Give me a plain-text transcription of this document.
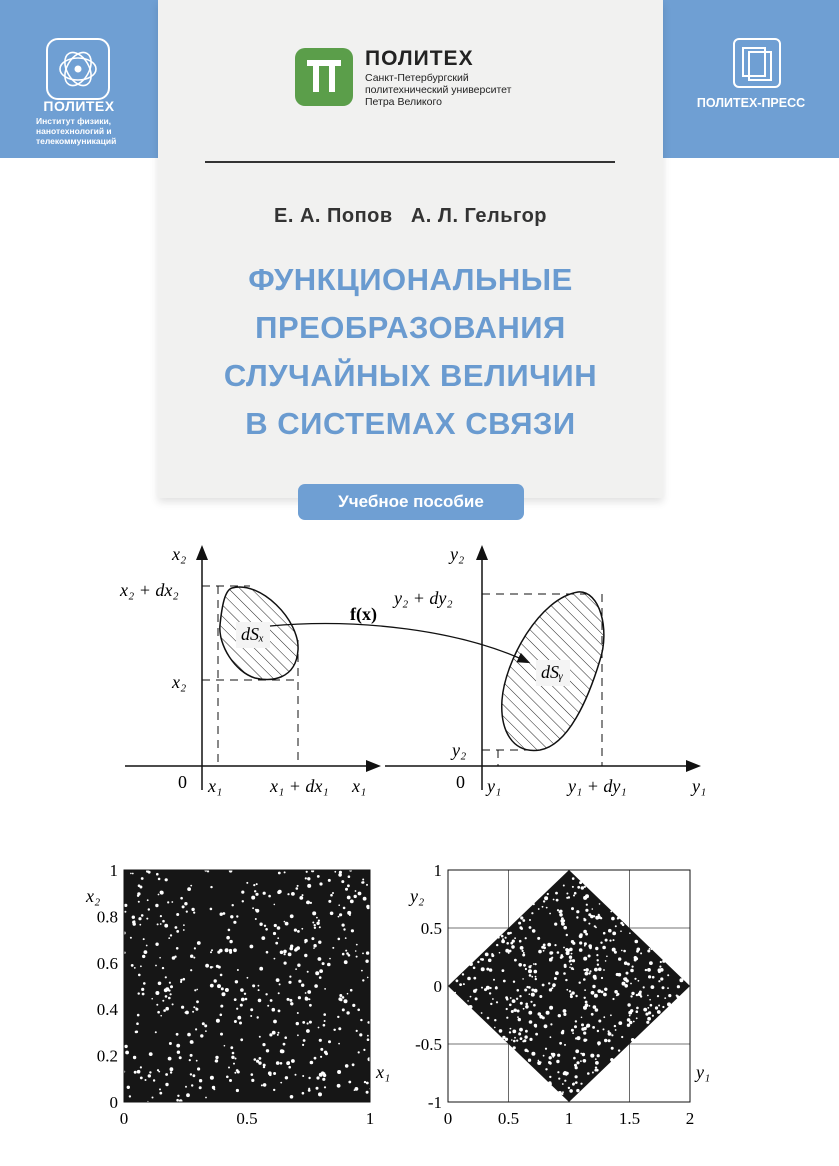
ПОЛИТЕХ
Институт физики, нанотехнологий и телекоммуникаций
ПОЛИТЕХ-ПРЕСС
ПОЛИТЕХ
Санкт-Петербургский
политехнический университет
Петра Великого
Е. А. Попов   А. Л. Гельгор
ФУНКЦИОНАЛЬНЫЕ
ПРЕОБРАЗОВАНИЯ
СЛУЧАЙНЫХ ВЕЛИЧИН
В СИСТЕМАХ СВЯЗИ
Учебное пособие
x₂
x₁
0 x₁	x₁ + dx₁
x₂
x₂ + dx₂
dSₓ
f(x)
y₂
y₁
0 y₁	y₁ + dy₁
y₂
y₂ + dy₂
dSᵧ
0	0.5	1
0
0.2
0.4
0.6
0.8
1
x₁
x₂
0	0.5	1	1.5	2
-1
-0.5
0
0.5
1
y₁
y₂
